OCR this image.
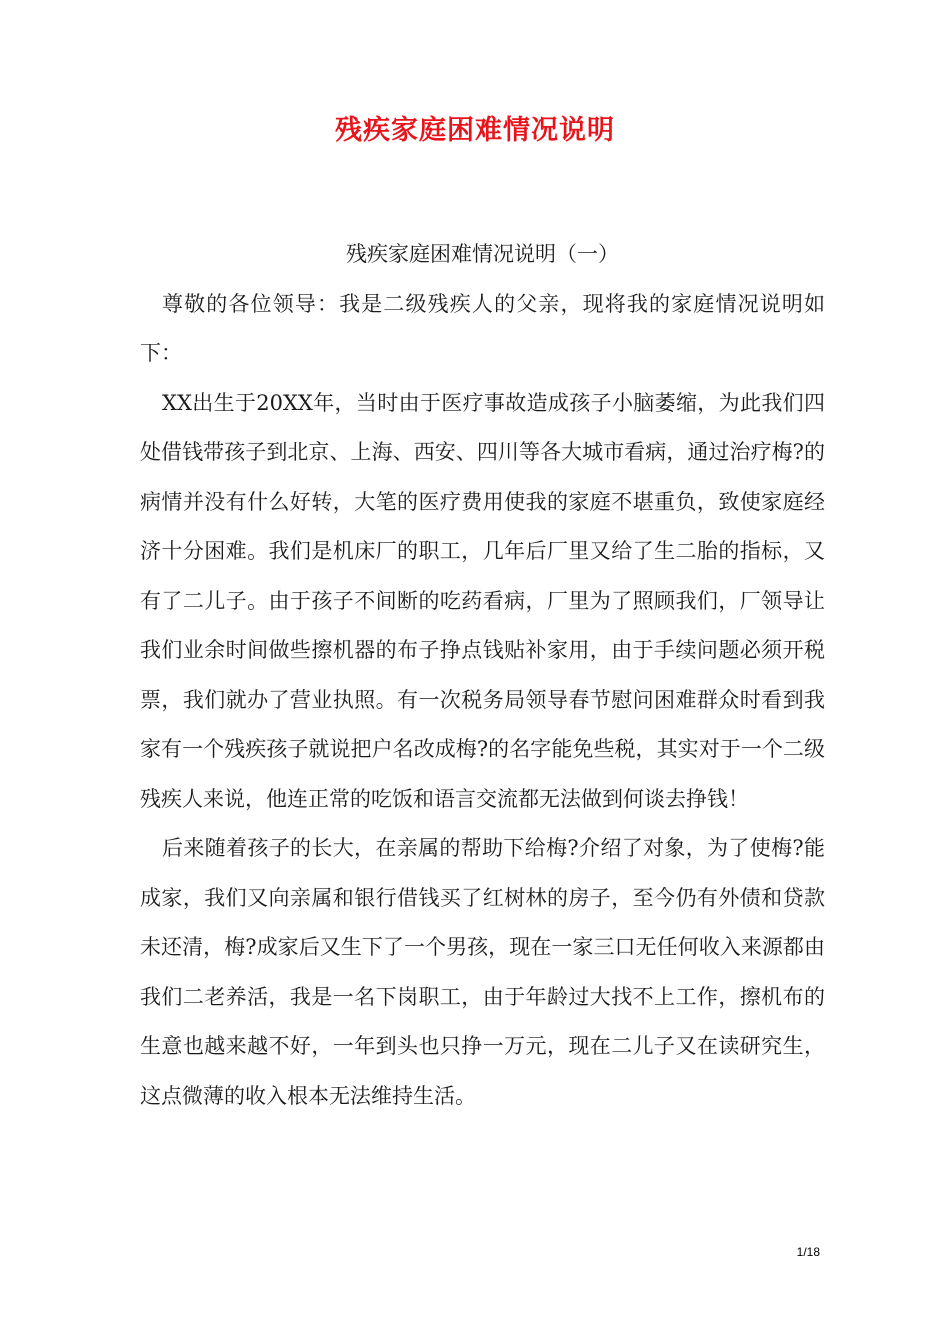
残疾家庭困难情况说明

残疾家庭困难情况说明（一）

尊敬的各位领导：我是二级残疾人的父亲，现将我的家庭情况说明如下：

XX出生于20XX年，当时由于医疗事故造成孩子小脑萎缩，为此我们四处借钱带孩子到北京、上海、西安、四川等各大城市看病，通过治疗梅?的病情并没有什么好转，大笔的医疗费用使我的家庭不堪重负，致使家庭经济十分困难。我们是机床厂的职工，几年后厂里又给了生二胎的指标，又有了二儿子。由于孩子不间断的吃药看病，厂里为了照顾我们，厂领导让我们业余时间做些擦机器的布子挣点钱贴补家用，由于手续问题必须开税票，我们就办了营业执照。有一次税务局领导春节慰问困难群众时看到我家有一个残疾孩子就说把户名改成梅?的名字能免些税，其实对于一个二级残疾人来说，他连正常的吃饭和语言交流都无法做到何谈去挣钱！

后来随着孩子的长大，在亲属的帮助下给梅?介绍了对象，为了使梅?能成家，我们又向亲属和银行借钱买了红树林的房子，至今仍有外债和贷款未还清，梅?成家后又生下了一个男孩，现在一家三口无任何收入来源都由我们二老养活，我是一名下岗职工，由于年龄过大找不上工作，擦机布的生意也越来越不好，一年到头也只挣一万元，现在二儿子又在读研究生，这点微薄的收入根本无法维持生活。

1/18
